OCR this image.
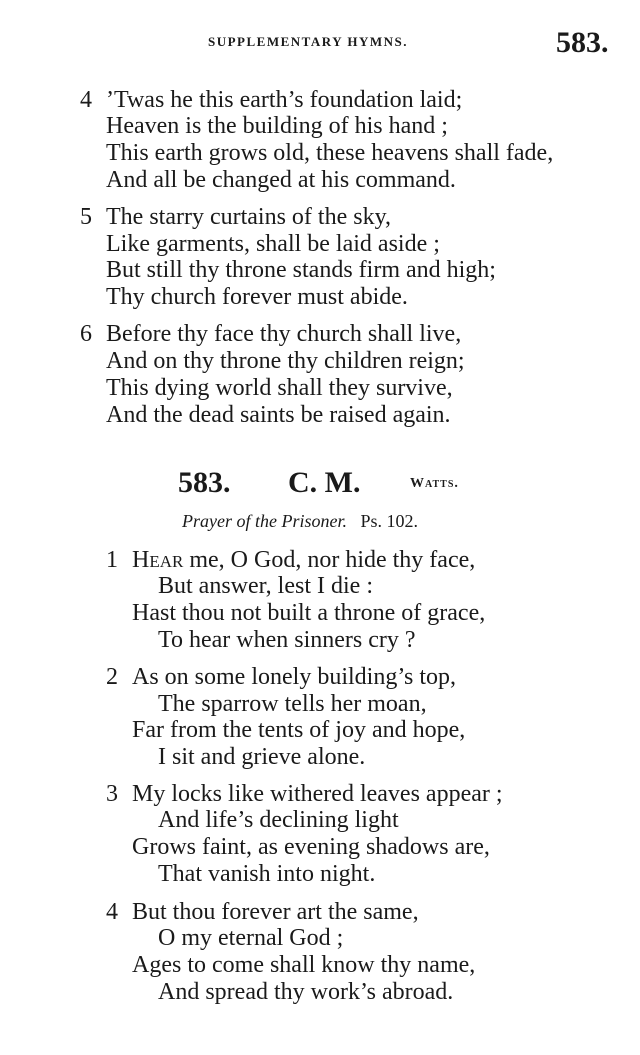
SUPPLEMENTARY HYMNS.	583.
4 ’Twas he this earth’s foundation laid;
Heaven is the building of his hand ;
This earth grows old, these heavens shall fade,
And all be changed at his command.
5 The starry curtains of the sky,
Like garments, shall be laid aside ;
But still thy throne stands firm and high;
Thy church forever must abide.
6 Before thy face thy church shall live,
And on thy throne thy children reign;
This dying world shall they survive,
And the dead saints be raised again.
583. C. M.	Watts.
Prayer of the Prisoner. Ps. 102.
1 Hear me, O God, nor hide thy face,
But answer, lest I die :
Hast thou not built a throne of grace,
To hear when sinners cry ?
2 As on some lonely building’s top,
The sparrow tells her moan,
Far from the tents of joy and hope,
I sit and grieve alone.
3 My locks like withered leaves appear ;
And life’s declining light
Grows faint, as evening shadows are,
That vanish into night.
4 But thou forever art the same,
O my eternal God ;
Ages to come shall know thy name,
And spread thy work’s abroad.
